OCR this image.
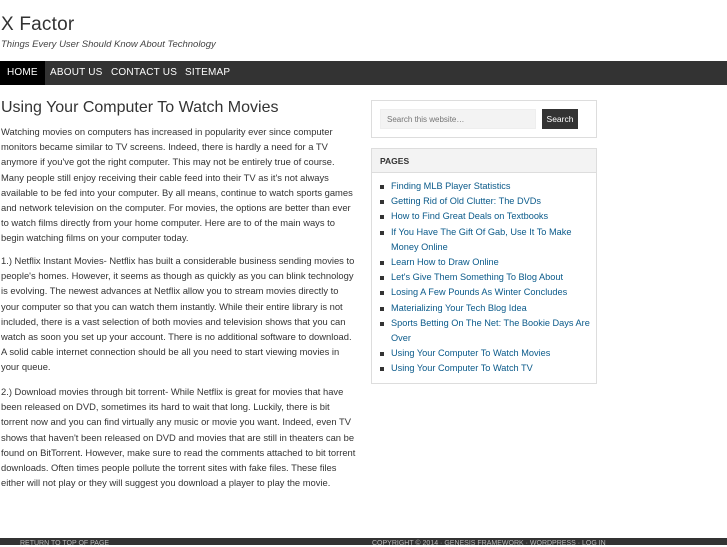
X Factor
Things Every User Should Know About Technology
HOME	ABOUT US CONTACT US SITEMAP
Using Your Computer To Watch Movies

Watching movies on computers has increased in popularity ever since computer monitors became similar to TV screens. Indeed, there is hardly a need for a TV anymore if you've got the right computer. This may not be entirely true of course. Many people still enjoy receiving their cable feed into their TV as it's not always available to be fed into your computer. By all means, continue to watch sports games and network television on the computer. For movies, the options are better than ever to watch films directly from your home computer. Here are to of the main ways to begin watching films on your computer today.

1.) Netflix Instant Movies- Netflix has built a considerable business sending movies to people's homes. However, it seems as though as quickly as you can blink technology is evolving. The newest advances at Netflix allow you to stream movies directly to your computer so that you can watch them instantly. While their entire library is not included, there is a vast selection of both movies and television shows that you can watch as soon you set up your account. There is no additional software to download. A solid cable internet connection should be all you need to start viewing movies in your queue.

2.) Download movies through bit torrent- While Netflix is great for movies that have been released on DVD, sometimes its hard to wait that long. Luckily, there is bit torrent now and you can find virtually any music or movie you want. Indeed, even TV shows that haven't been released on DVD and movies that are still in theaters can be found on BitTorrent. However, make sure to read the comments attached to bit torrent downloads. Often times people pollute the torrent sites with fake files. These files either will not play or they will suggest you download a player to play the movie.

Search this website…
Search
PAGES
Finding MLB Player Statistics
Getting Rid of Old Clutter: The DVDs
How to Find Great Deals on Textbooks
If You Have The Gift Of Gab, Use It To Make Money Online
Learn How to Draw Online
Let's Give Them Something To Blog About
Losing A Few Pounds As Winter Concludes
Materializing Your Tech Blog Idea
Sports Betting On The Net: The Bookie Days Are Over
Using Your Computer To Watch Movies
Using Your Computer To Watch TV
RETURN TO TOP OF PAGE	COPYRIGHT © 2014 · GENESIS FRAMEWORK · WORDPRESS · LOG IN
